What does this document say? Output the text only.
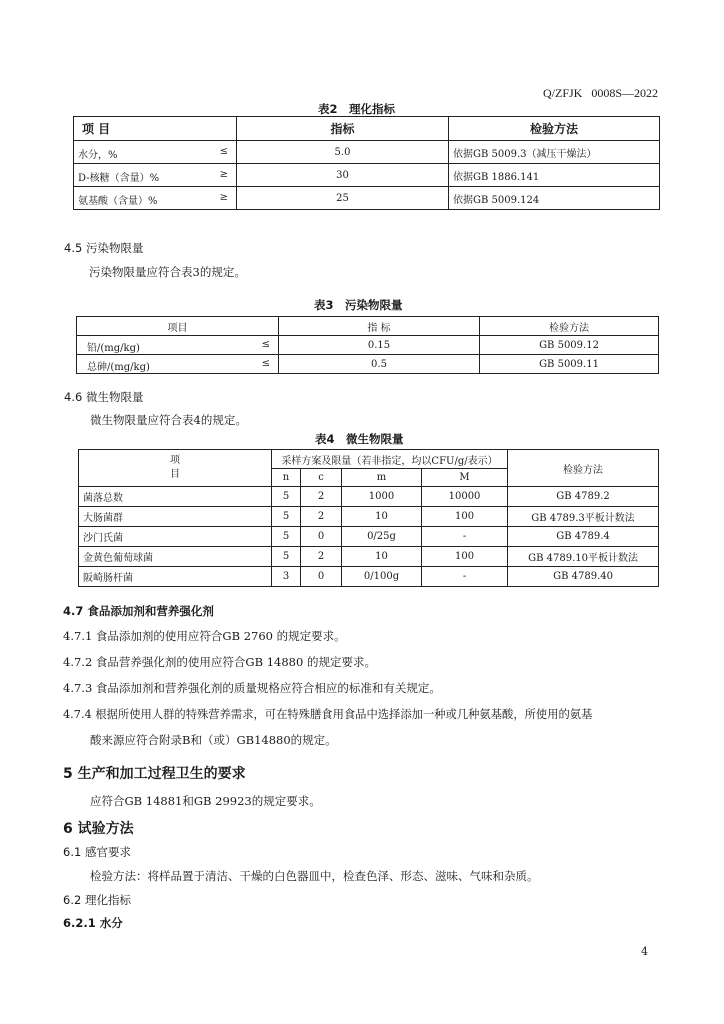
Q/ZFJK   0008S—2022
表2　理化指标
项 目	指标	检验方法

水分，% ≤	5.0	依据GB 5009.3（减压干燥法）

D-核糖（含量）% ≥	30	依据GB 1886.141

氨基酸（含量）% ≥	25	依据GB 5009.124
4.5 污染物限量
污染物限量应符合表3的规定。
表3　污染物限量
项目	指 标	检验方法

铅/(mg/kg) ≤	0.15	GB 5009.12

总砷/(mg/kg) ≤	0.5	GB 5009.11
4.6 微生物限量
微生物限量应符合表4的规定。
表4　微生物限量
项
目	采样方案及限量（若非指定，均以CFU/g/表示）				检验方法
	n	c	m	M	
菌落总数	5	2	1000	10000	GB 4789.2
大肠菌群	5	2	10	100	GB 4789.3平板计数法
沙门氏菌	5	0	0/25g	-	GB 4789.4
金黄色葡萄球菌	5	2	10	100	GB 4789.10平板计数法
阪崎肠杆菌	3	0	0/100g	-	GB 4789.40
4.7 食品添加剂和营养强化剂
4.7.1 食品添加剂的使用应符合GB 2760 的规定要求。
4.7.2 食品营养强化剂的使用应符合GB 14880 的规定要求。
4.7.3 食品添加剂和营养强化剂的质量规格应符合相应的标准和有关规定。
4.7.4 根据所使用人群的特殊营养需求，可在特殊膳食用食品中选择添加一种或几种氨基酸，所使用的氨基
酸来源应符合附录B和（或）GB14880的规定。
5 生产和加工过程卫生的要求
应符合GB 14881和GB 29923的规定要求。
6 试验方法
6.1 感官要求
检验方法：将样品置于清洁、干燥的白色器皿中，检查色泽、形态、滋味、气味和杂质。
6.2 理化指标
6.2.1 水分
4
